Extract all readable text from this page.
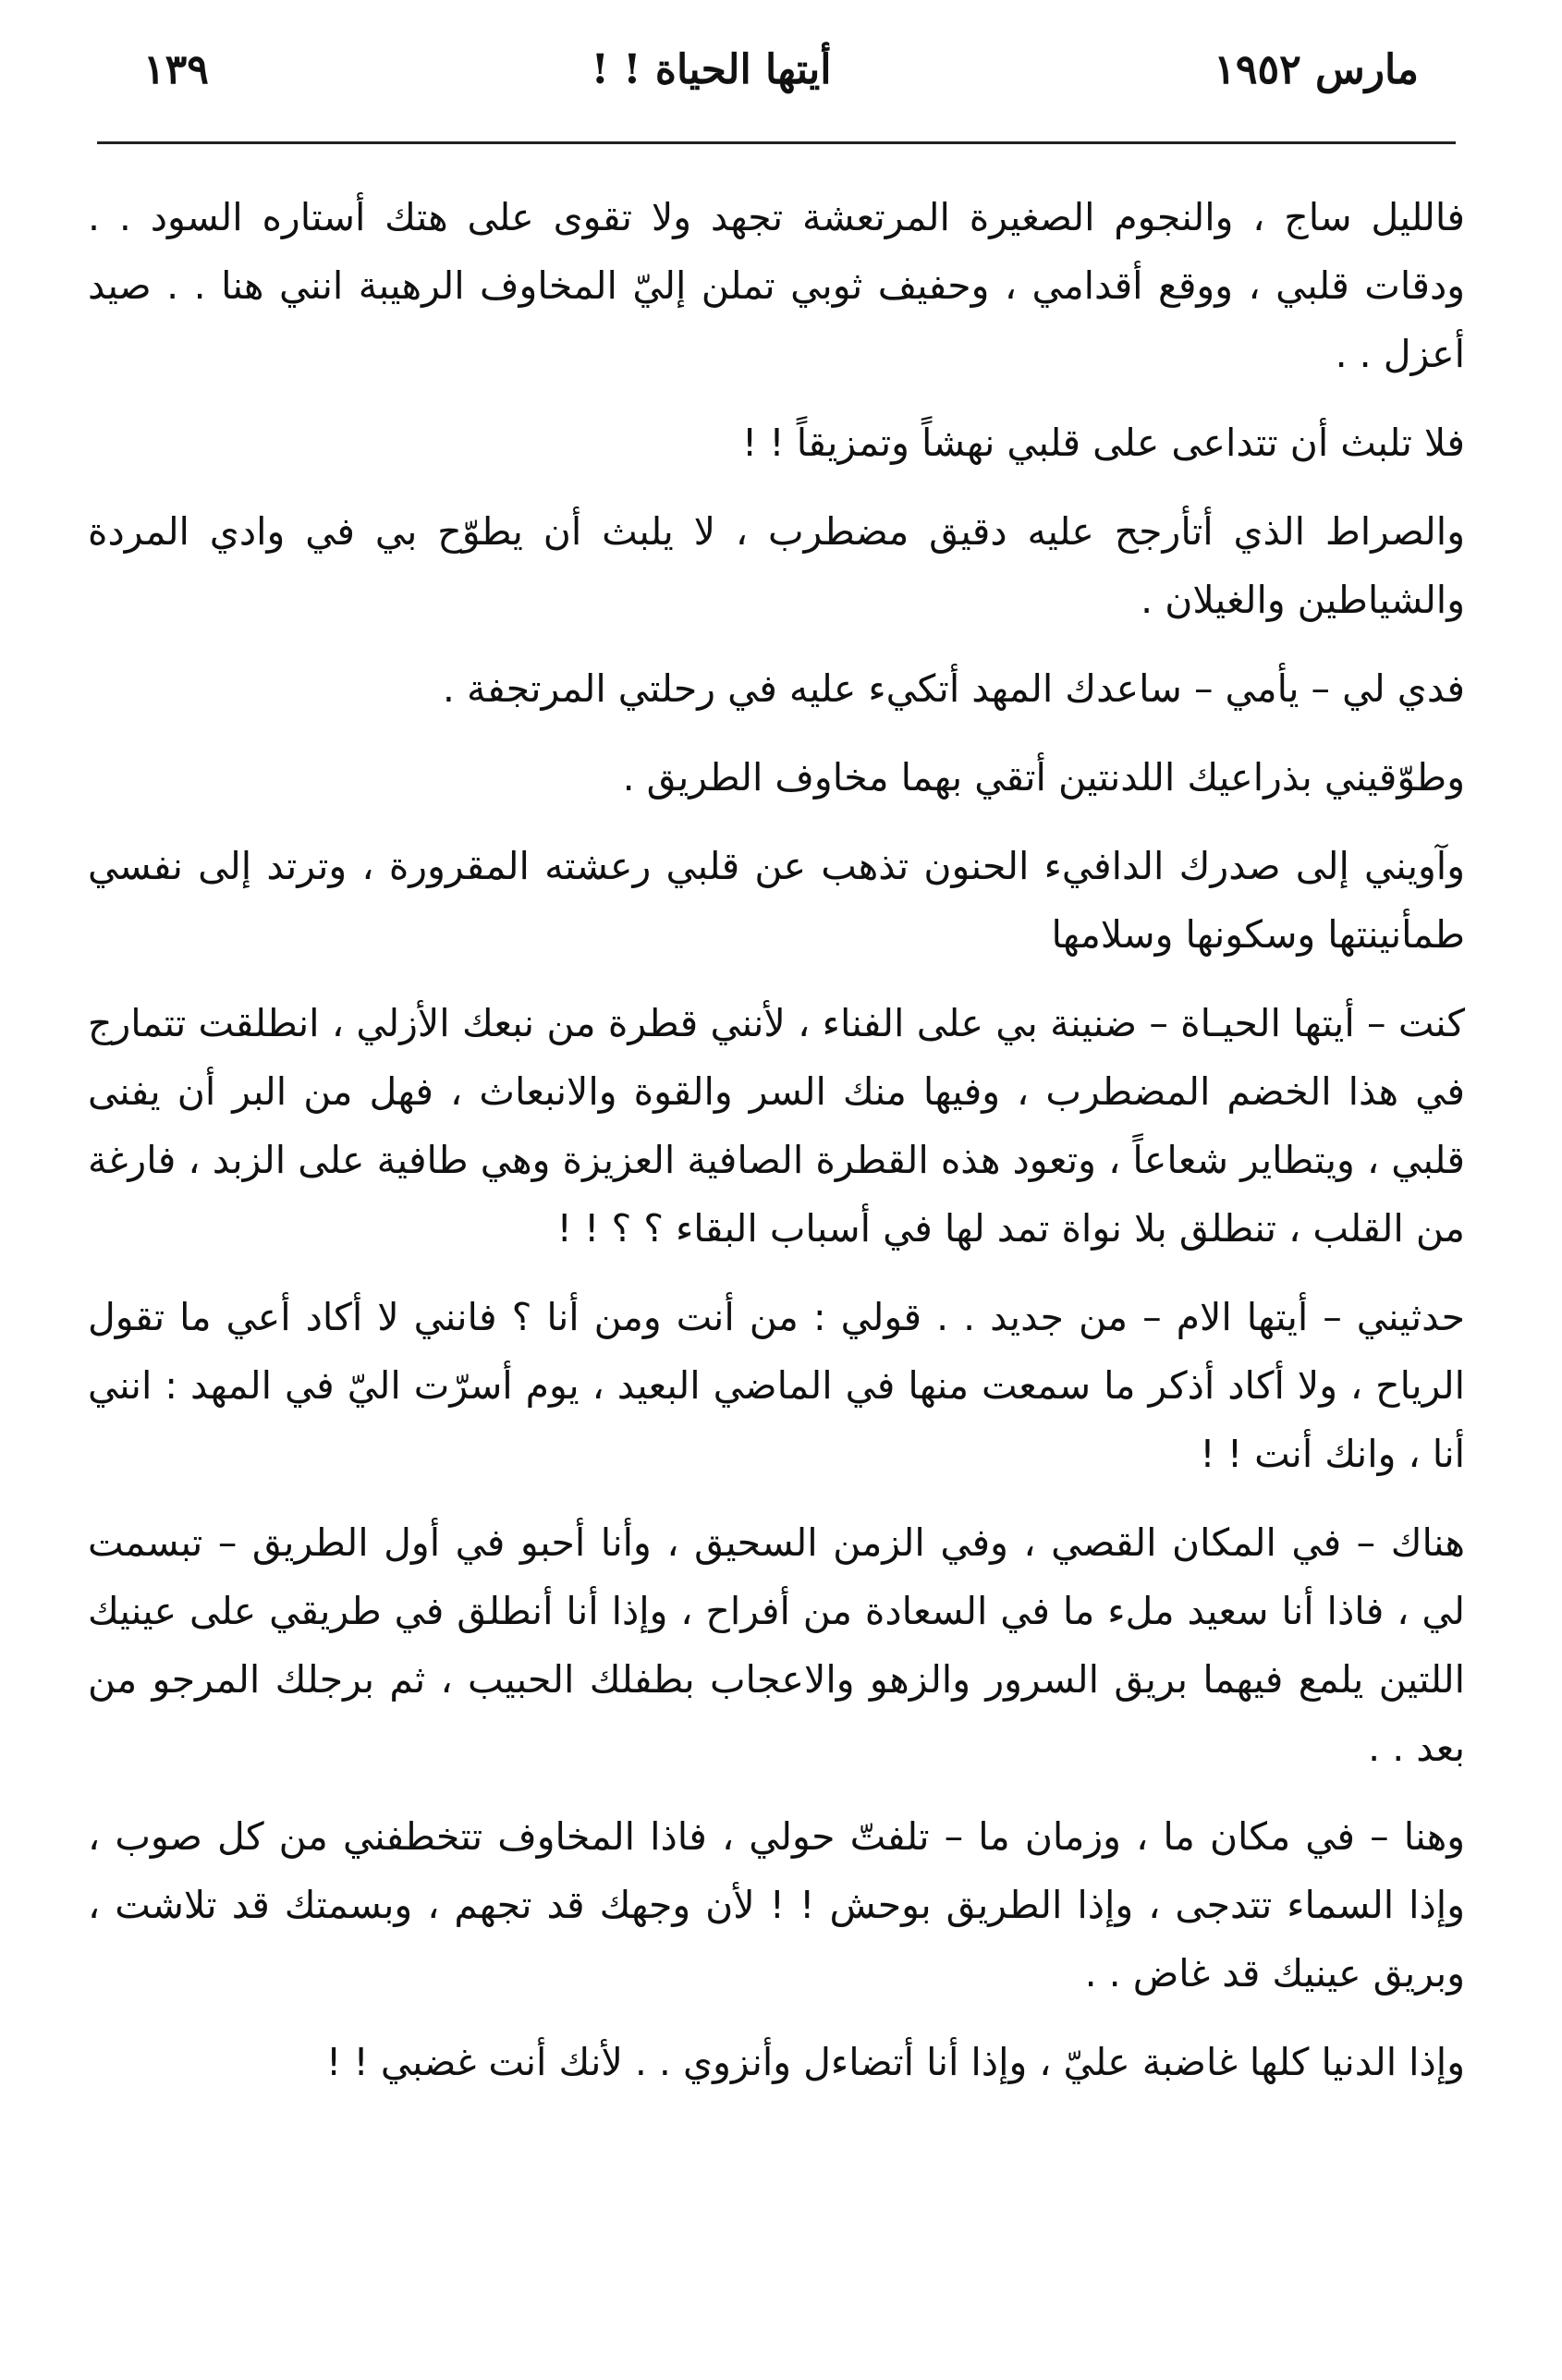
مارس ١٩٥٢
أيتها الحياة ! !
١٣٩

فالليل ساج ، والنجوم الصغيرة المرتعشة تجهد ولا تقوى على هتك أستاره السود . . ودقات قلبي ، ووقع أقدامي ، وحفيف ثوبي تملن إليّ المخاوف الرهيبة انني هنا . . صيد أعزل . .

فلا تلبث أن تتداعى على قلبي نهشاً وتمزيقاً ! !

والصراط الذي أتأرجح عليه دقيق مضطرب ، لا يلبث أن يطوّح بي في وادي المردة والشياطين والغيلان .

فدي لي – يأمي – ساعدك المهد أتكيء عليه في رحلتي المرتجفة .

وطوّقيني بذراعيك اللدنتين أتقي بهما مخاوف الطريق .

وآويني إلى صدرك الدافيء الحنون تذهب عن قلبي رعشته المقرورة ، وترتد إلى نفسي طمأنينتها وسكونها وسلامها

كنت – أيتها الحيـاة – ضنينة بي على الفناء ، لأنني قطرة من نبعك الأزلي ، انطلقت تتمارج في هذا الخضم المضطرب ، وفيها منك السر والقوة والانبعاث ، فهل من البر أن يفنى قلبي ، ويتطاير شعاعاً ، وتعود هذه القطرة الصافية العزيزة وهي طافية على الزبد ، فارغة من القلب ، تنطلق بلا نواة تمد لها في أسباب البقاء ؟ ؟ ! !

حدثيني – أيتها الام – من جديد . . قولي : من أنت ومن أنا ؟ فانني لا أكاد أعي ما تقول الرياح ، ولا أكاد أذكر ما سمعت منها في الماضي البعيد ، يوم أسرّت اليّ في المهد : انني أنا ، وانك أنت ! !

هناك – في المكان القصي ، وفي الزمن السحيق ، وأنا أحبو في أول الطريق – تبسمت لي ، فاذا أنا سعيد ملء ما في السعادة من أفراح ، وإذا أنا أنطلق في طريقي على عينيك اللتين يلمع فيهما بريق السرور والزهو والاعجاب بطفلك الحبيب ، ثم برجلك المرجو من بعد . .

وهنا – في مكان ما ، وزمان ما – تلفتّ حولي ، فاذا المخاوف تتخطفني من كل صوب ، وإذا السماء تتدجى ، وإذا الطريق بوحش ! ! لأن وجهك قد تجهم ، وبسمتك قد تلاشت ، وبريق عينيك قد غاض . .

وإذا الدنيا كلها غاضبة عليّ ، وإذا أنا أتضاءل وأنزوي . . لأنك أنت غضبي ! !
